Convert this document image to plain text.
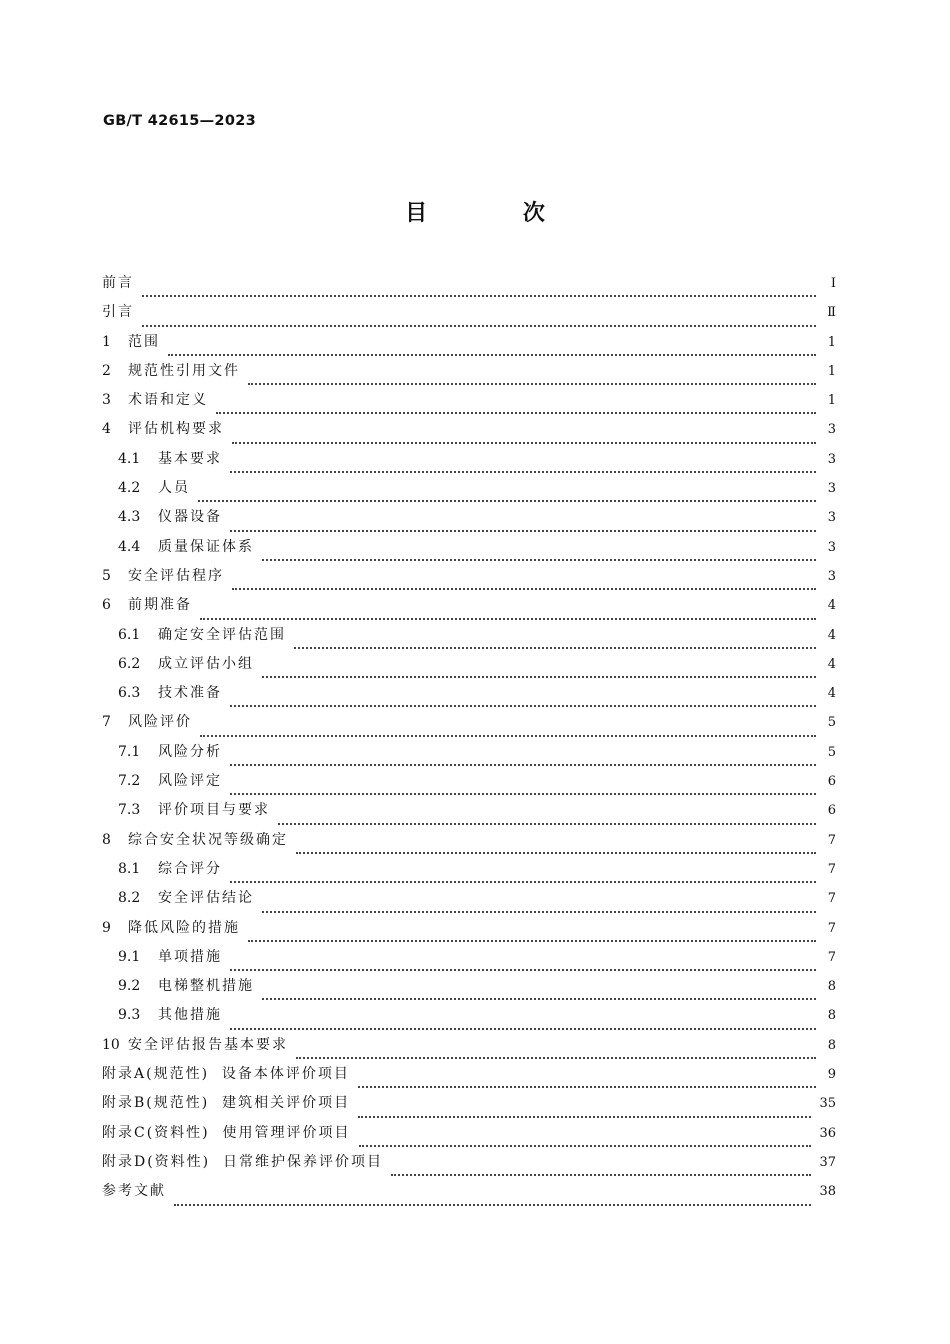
GB/T 42615—2023
目 次
前言	Ⅰ
引言	Ⅱ
1	范围	1
2	规范性引用文件	1
3	术语和定义	1
4	评估机构要求	3
4.1	基本要求	3
4.2	人员	3
4.3	仪器设备	3
4.4	质量保证体系	3
5	安全评估程序	3
6	前期准备	4
6.1	确定安全评估范围	4
6.2	成立评估小组	4
6.3	技术准备	4
7	风险评价	5
7.1	风险分析	5
7.2	风险评定	6
7.3	评价项目与要求	6
8	综合安全状况等级确定	7
8.1	综合评分	7
8.2	安全评估结论	7
9	降低风险的措施	7
9.1	单项措施	7
9.2	电梯整机措施	8
9.3	其他措施	8
10 安全评估报告基本要求	8
附录A(规范性)  设备本体评价项目	9
附录B(规范性)  建筑相关评价项目	35
附录C(资料性)  使用管理评价项目	36
附录D(资料性)  日常维护保养评价项目	37
参考文献	38
